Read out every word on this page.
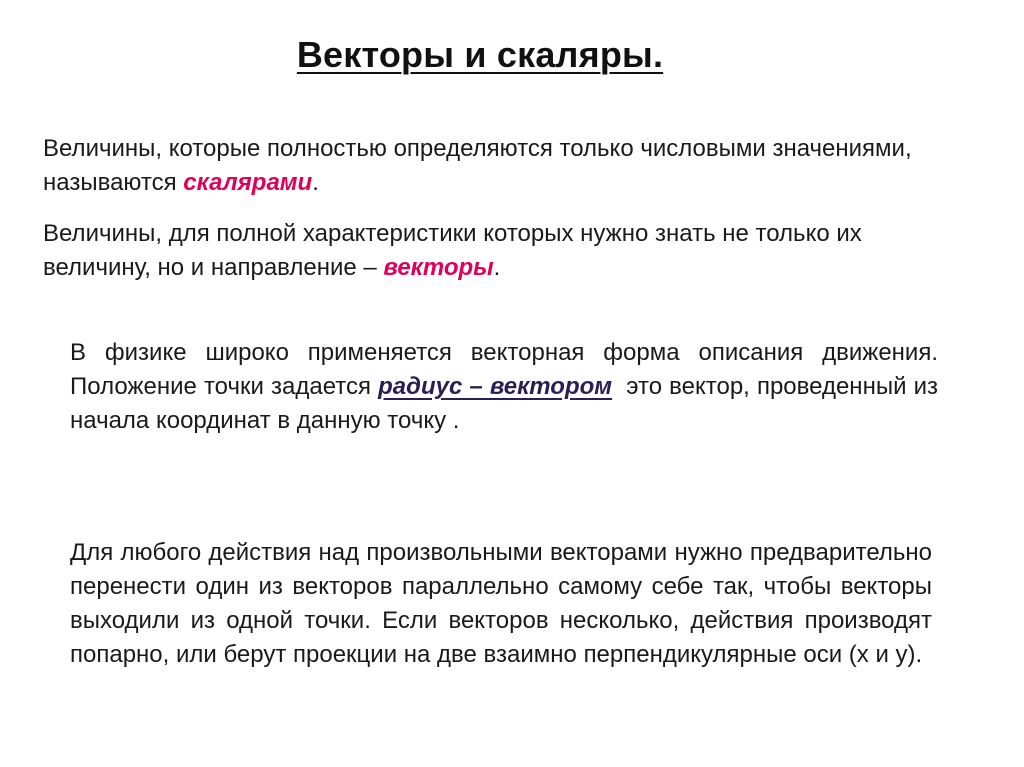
Векторы и скаляры.

Величины, которые полностью определяются только числовыми значениями, называются скалярами.

Величины, для полной характеристики которых нужно знать не только их величину, но и направление – векторы.

В физике широко применяется векторная форма описания движения. Положение точки задается радиус – вектором  это вектор, проведенный из начала координат в данную точку .

Для любого действия над произвольными векторами нужно предварительно перенести один из векторов параллельно самому себе так, чтобы векторы выходили из одной точки. Если векторов несколько, действия производят попарно, или берут проекции на две взаимно перпендикулярные оси (x и y).
